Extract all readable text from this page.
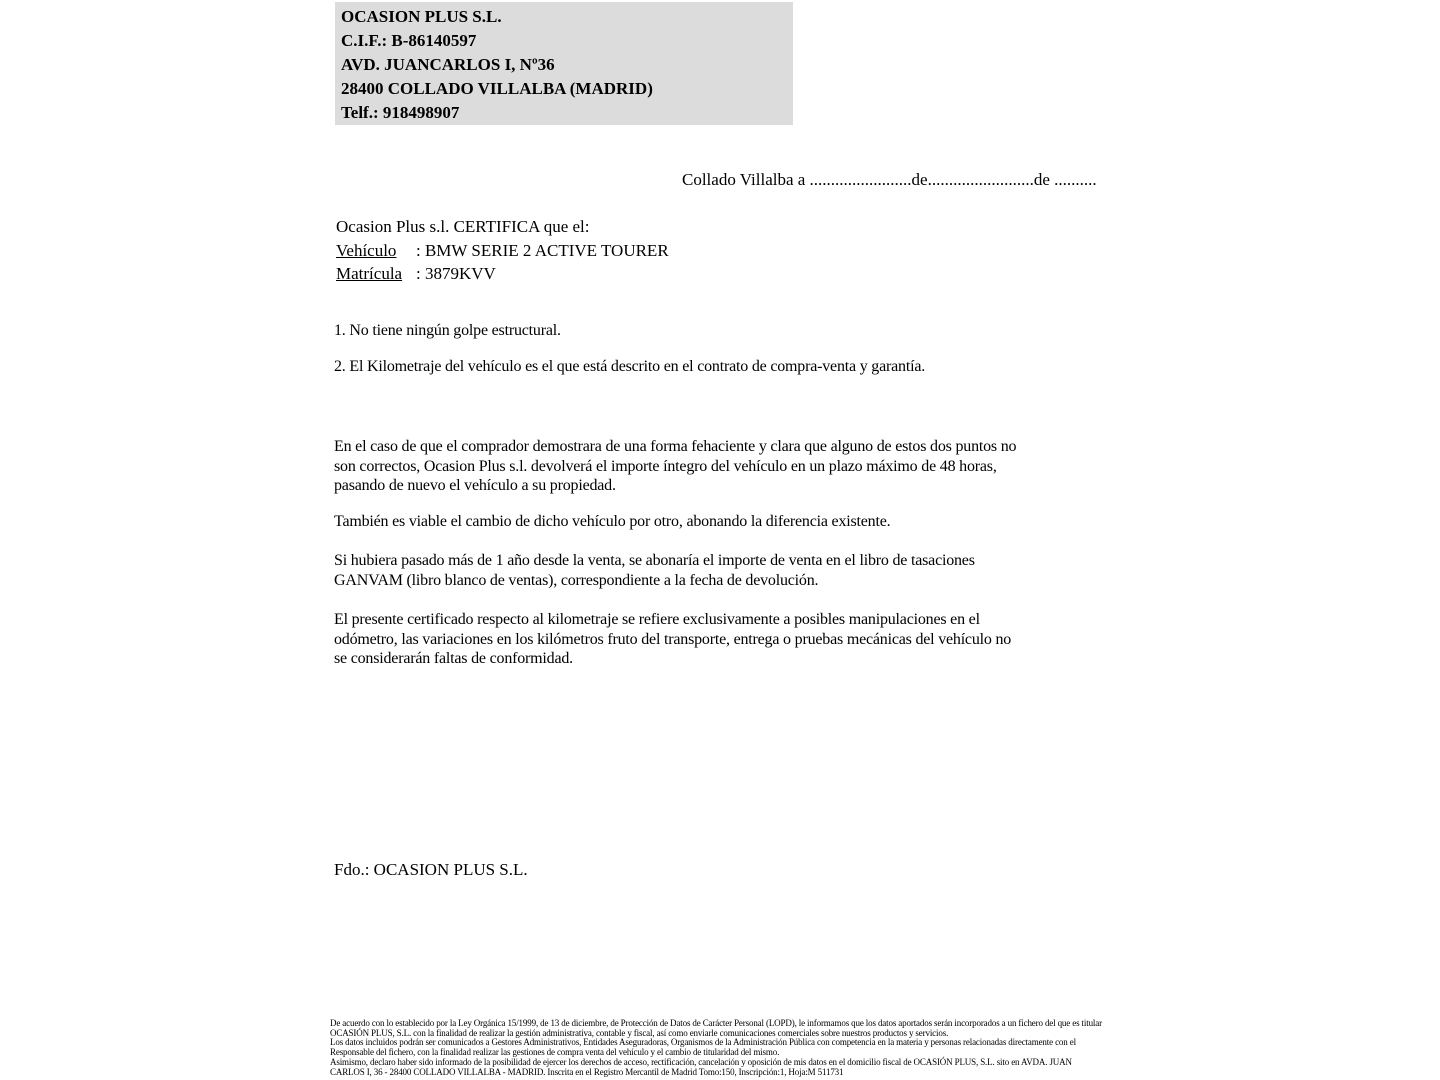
OCASION PLUS S.L.
C.I.F.: B-86140597
AVD. JUANCARLOS I, Nº36
28400 COLLADO VILLALBA (MADRID)
Telf.: 918498907
Collado Villalba a ........................de.........................de ..........
Ocasion Plus s.l. CERTIFICA que el:
Vehículo	: BMW SERIE 2 ACTIVE TOURER
Matrícula : 3879KVV

1. No tiene ningún golpe estructural.

2. El Kilometraje del vehículo es el que está descrito en el contrato de compra-venta y garantía.

En el caso de que el comprador demostrara de una forma fehaciente y clara que alguno de estos dos puntos no
son correctos, Ocasion Plus s.l. devolverá el importe íntegro del vehículo en un plazo máximo de 48 horas,
pasando de nuevo el vehículo a su propiedad.
También es viable el cambio de dicho vehículo por otro, abonando la diferencia existente.
Si hubiera pasado más de 1 año desde la venta, se abonaría el importe de venta en el libro de tasaciones
GANVAM (libro blanco de ventas), correspondiente a la fecha de devolución.
El presente certificado respecto al kilometraje se refiere exclusivamente a posibles manipulaciones en el
odómetro, las variaciones en los kilómetros fruto del transporte, entrega o pruebas mecánicas del vehículo no
se considerarán faltas de conformidad.
Fdo.: OCASION PLUS S.L.
De acuerdo con lo establecido por la Ley Orgánica 15/1999, de 13 de diciembre, de Protección de Datos de Carácter Personal (LOPD), le informamos que los datos aportados serán incorporados a un fichero del que es titular
OCASIÓN PLUS, S.L. con la finalidad de realizar la gestión administrativa, contable y fiscal, así como enviarle comunicaciones comerciales sobre nuestros productos y servicios.
Los datos incluidos podrán ser comunicados a Gestores Administrativos, Entidades Aseguradoras, Organismos de la Administración Pública con competencia en la materia y personas relacionadas directamente con el
Responsable del fichero, con la finalidad realizar las gestiones de compra venta del vehículo y el cambio de titularidad del mismo.
Asimismo, declaro haber sido informado de la posibilidad de ejercer los derechos de acceso, rectificación, cancelación y oposición de mis datos en el domicilio fiscal de OCASIÓN PLUS, S.L. sito en AVDA. JUAN
CARLOS I, 36 - 28400 COLLADO VILLALBA - MADRID. Inscrita en el Registro Mercantil de Madrid Tomo:150, Inscripción:1, Hoja:M 511731
